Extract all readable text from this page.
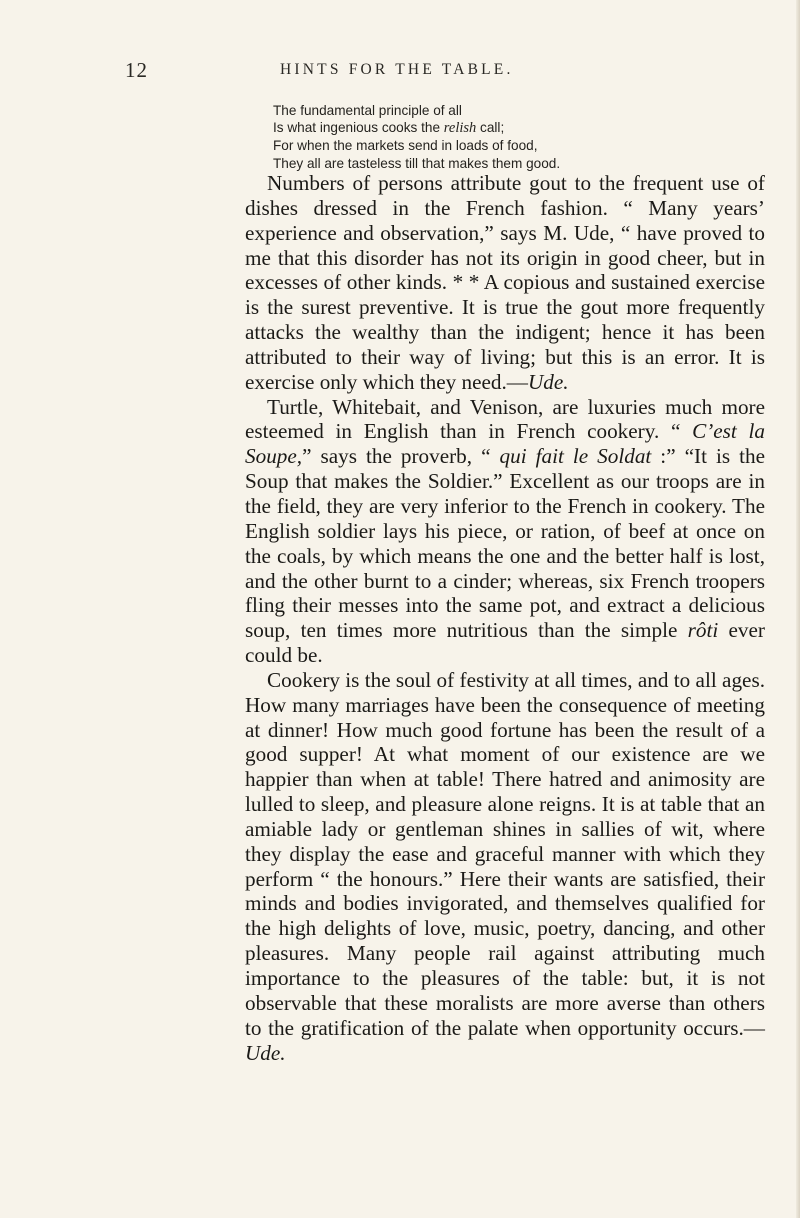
12	HINTS FOR THE TABLE.
The fundamental principle of all
Is what ingenious cooks the relish call;
For when the markets send in loads of food,
They all are tasteless till that makes them good.

Numbers of persons attribute gout to the frequent use of dishes dressed in the French fashion. “ Many years’ experience and observation,” says M. Ude, “ have proved to me that this disorder has not its origin in good cheer, but in excesses of other kinds. * * A copious and sustained exercise is the surest preventive. It is true the gout more frequently attacks the wealthy than the indigent; hence it has been attributed to their way of living; but this is an error. It is exercise only which they need.—Ude.

Turtle, Whitebait, and Venison, are luxuries much more esteemed in English than in French cookery. “ C’est la Soupe,” says the proverb, “ qui fait le Soldat :” “It is the Soup that makes the Soldier.” Excellent as our troops are in the field, they are very inferior to the French in cookery. The English soldier lays his piece, or ration, of beef at once on the coals, by which means the one and the better half is lost, and the other burnt to a cinder; whereas, six French troopers fling their messes into the same pot, and extract a delicious soup, ten times more nutritious than the simple rôti ever could be.

Cookery is the soul of festivity at all times, and to all ages. How many marriages have been the consequence of meeting at dinner! How much good fortune has been the result of a good supper! At what moment of our existence are we happier than when at table! There hatred and animosity are lulled to sleep, and pleasure alone reigns. It is at table that an amiable lady or gentleman shines in sallies of wit, where they display the ease and graceful manner with which they perform “ the honours.” Here their wants are satisfied, their minds and bodies invigorated, and themselves qualified for the high delights of love, music, poetry, dancing, and other pleasures. Many people rail against attributing much importance to the pleasures of the table: but, it is not observable that these moralists are more averse than others to the gratification of the palate when opportunity occurs.— Ude.
